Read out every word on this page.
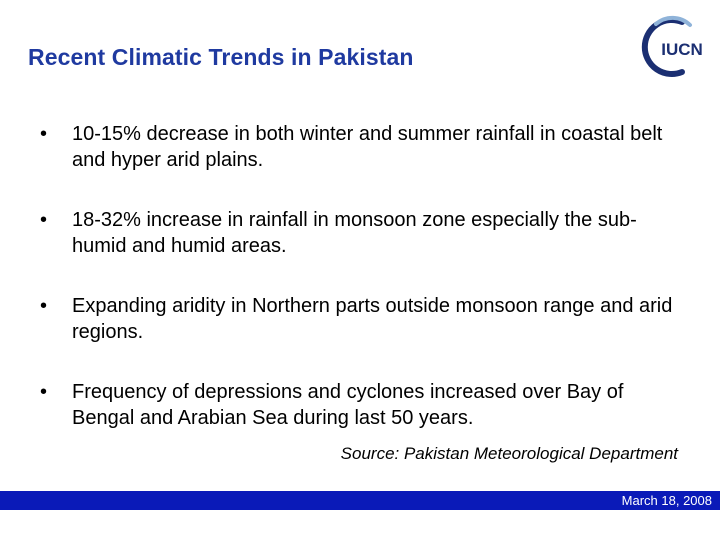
Recent Climatic Trends in Pakistan	IUCN
•	10-15% decrease in both winter and summer rainfall in coastal belt and hyper arid plains.
•	18-32% increase in rainfall in monsoon zone especially the sub-humid and humid areas.
•	Expanding aridity in Northern parts outside monsoon range and arid regions.
•	Frequency of depressions and cyclones increased over Bay of Bengal and Arabian Sea during last 50 years.
Source: Pakistan Meteorological Department
March 18, 2008
